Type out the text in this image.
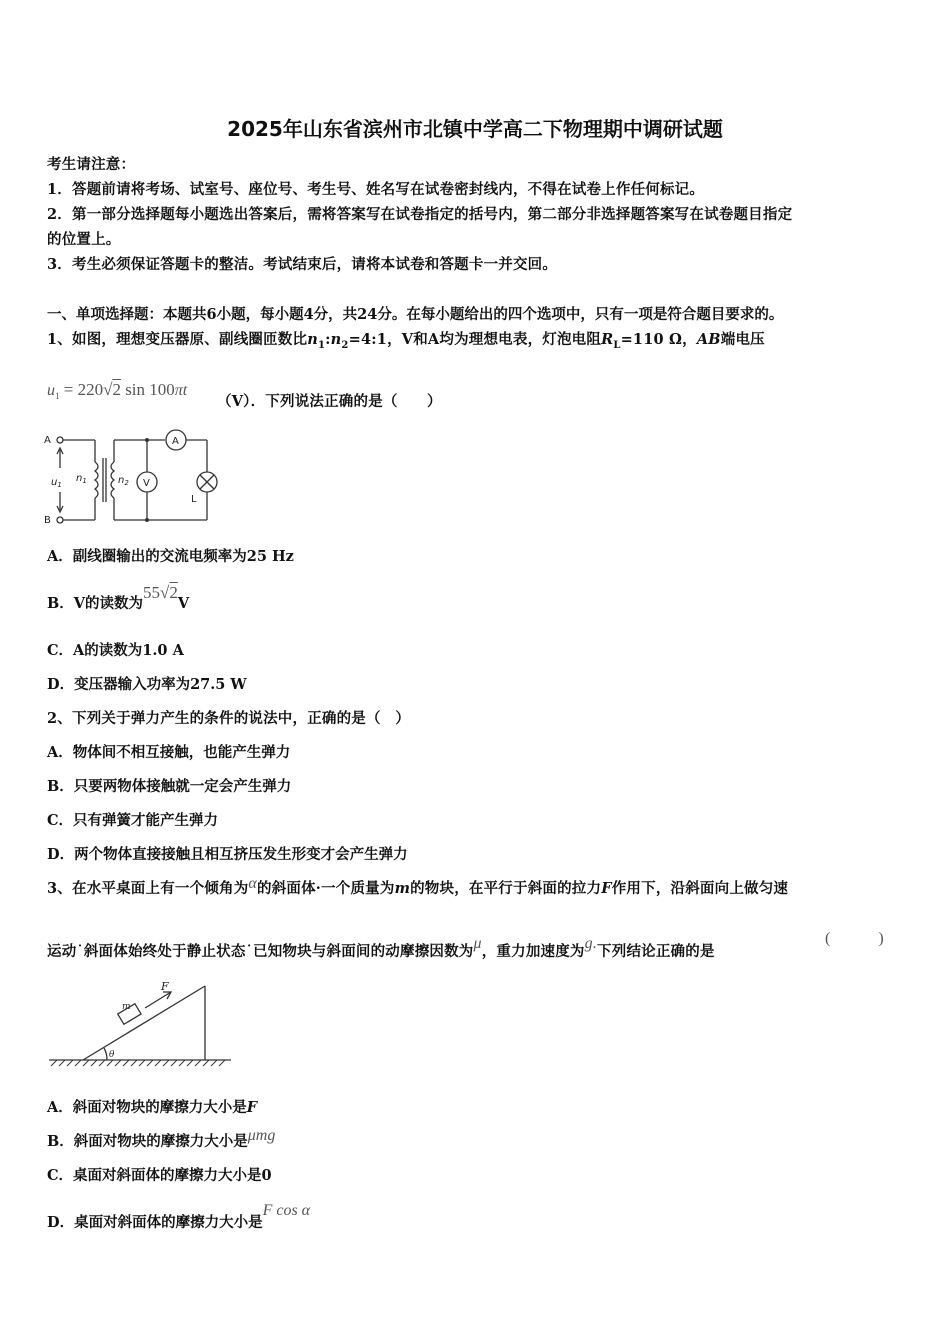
2025年山东省滨州市北镇中学高二下物理期中调研试题
考生请注意：
1．答题前请将考场、试室号、座位号、考生号、姓名写在试卷密封线内，不得在试卷上作任何标记。
2．第一部分选择题每小题选出答案后，需将答案写在试卷指定的括号内，第二部分非选择题答案写在试卷题目指定
的位置上。
3．考生必须保证答题卡的整洁。考试结束后，请将本试卷和答题卡一并交回。
一、单项选择题：本题共6小题，每小题4分，共24分。在每小题给出的四个选项中，只有一项是符合题目要求的。
1、如图，理想变压器原、副线圈匝数比$n_1:n_2=4:1$，V和A均为理想电表，灯泡电阻$R_L=110$ Ω，AB端电压
$u_1 = 220√2$ sin 100πt
（V）．下列说法正确的是（　　）
A
B
$u_1$
$n_1$	$n_2$
A
V
L
A．副线圈输出的交流电频率为25 Hz
B．V的读数为55√2V
C．A的读数为1.0 A
D．变压器输入功率为27.5 W
2、下列关于弹力产生的条件的说法中，正确的是（　）
A．物体间不相互接触，也能产生弹力
B．只要两物体接触就一定会产生弹力
C．只有弹簧才能产生弹力
D．两个物体直接接触且相互挤压发生形变才会产生弹力
3、在水平桌面上有一个倾角为α的斜面体·一个质量为m的物块，在平行于斜面的拉力F作用下，沿斜面向上做匀速
运动˙斜面体始终处于静止状态˙已知物块与斜面间的动摩擦因数为μ，重力加速度为g.下列结论正确的是
(　　　)
F
m
θ
A．斜面对物块的摩擦力大小是F
B．斜面对物块的摩擦力大小是μmg
C．桌面对斜面体的摩擦力大小是0
D．桌面对斜面体的摩擦力大小是F cos α
